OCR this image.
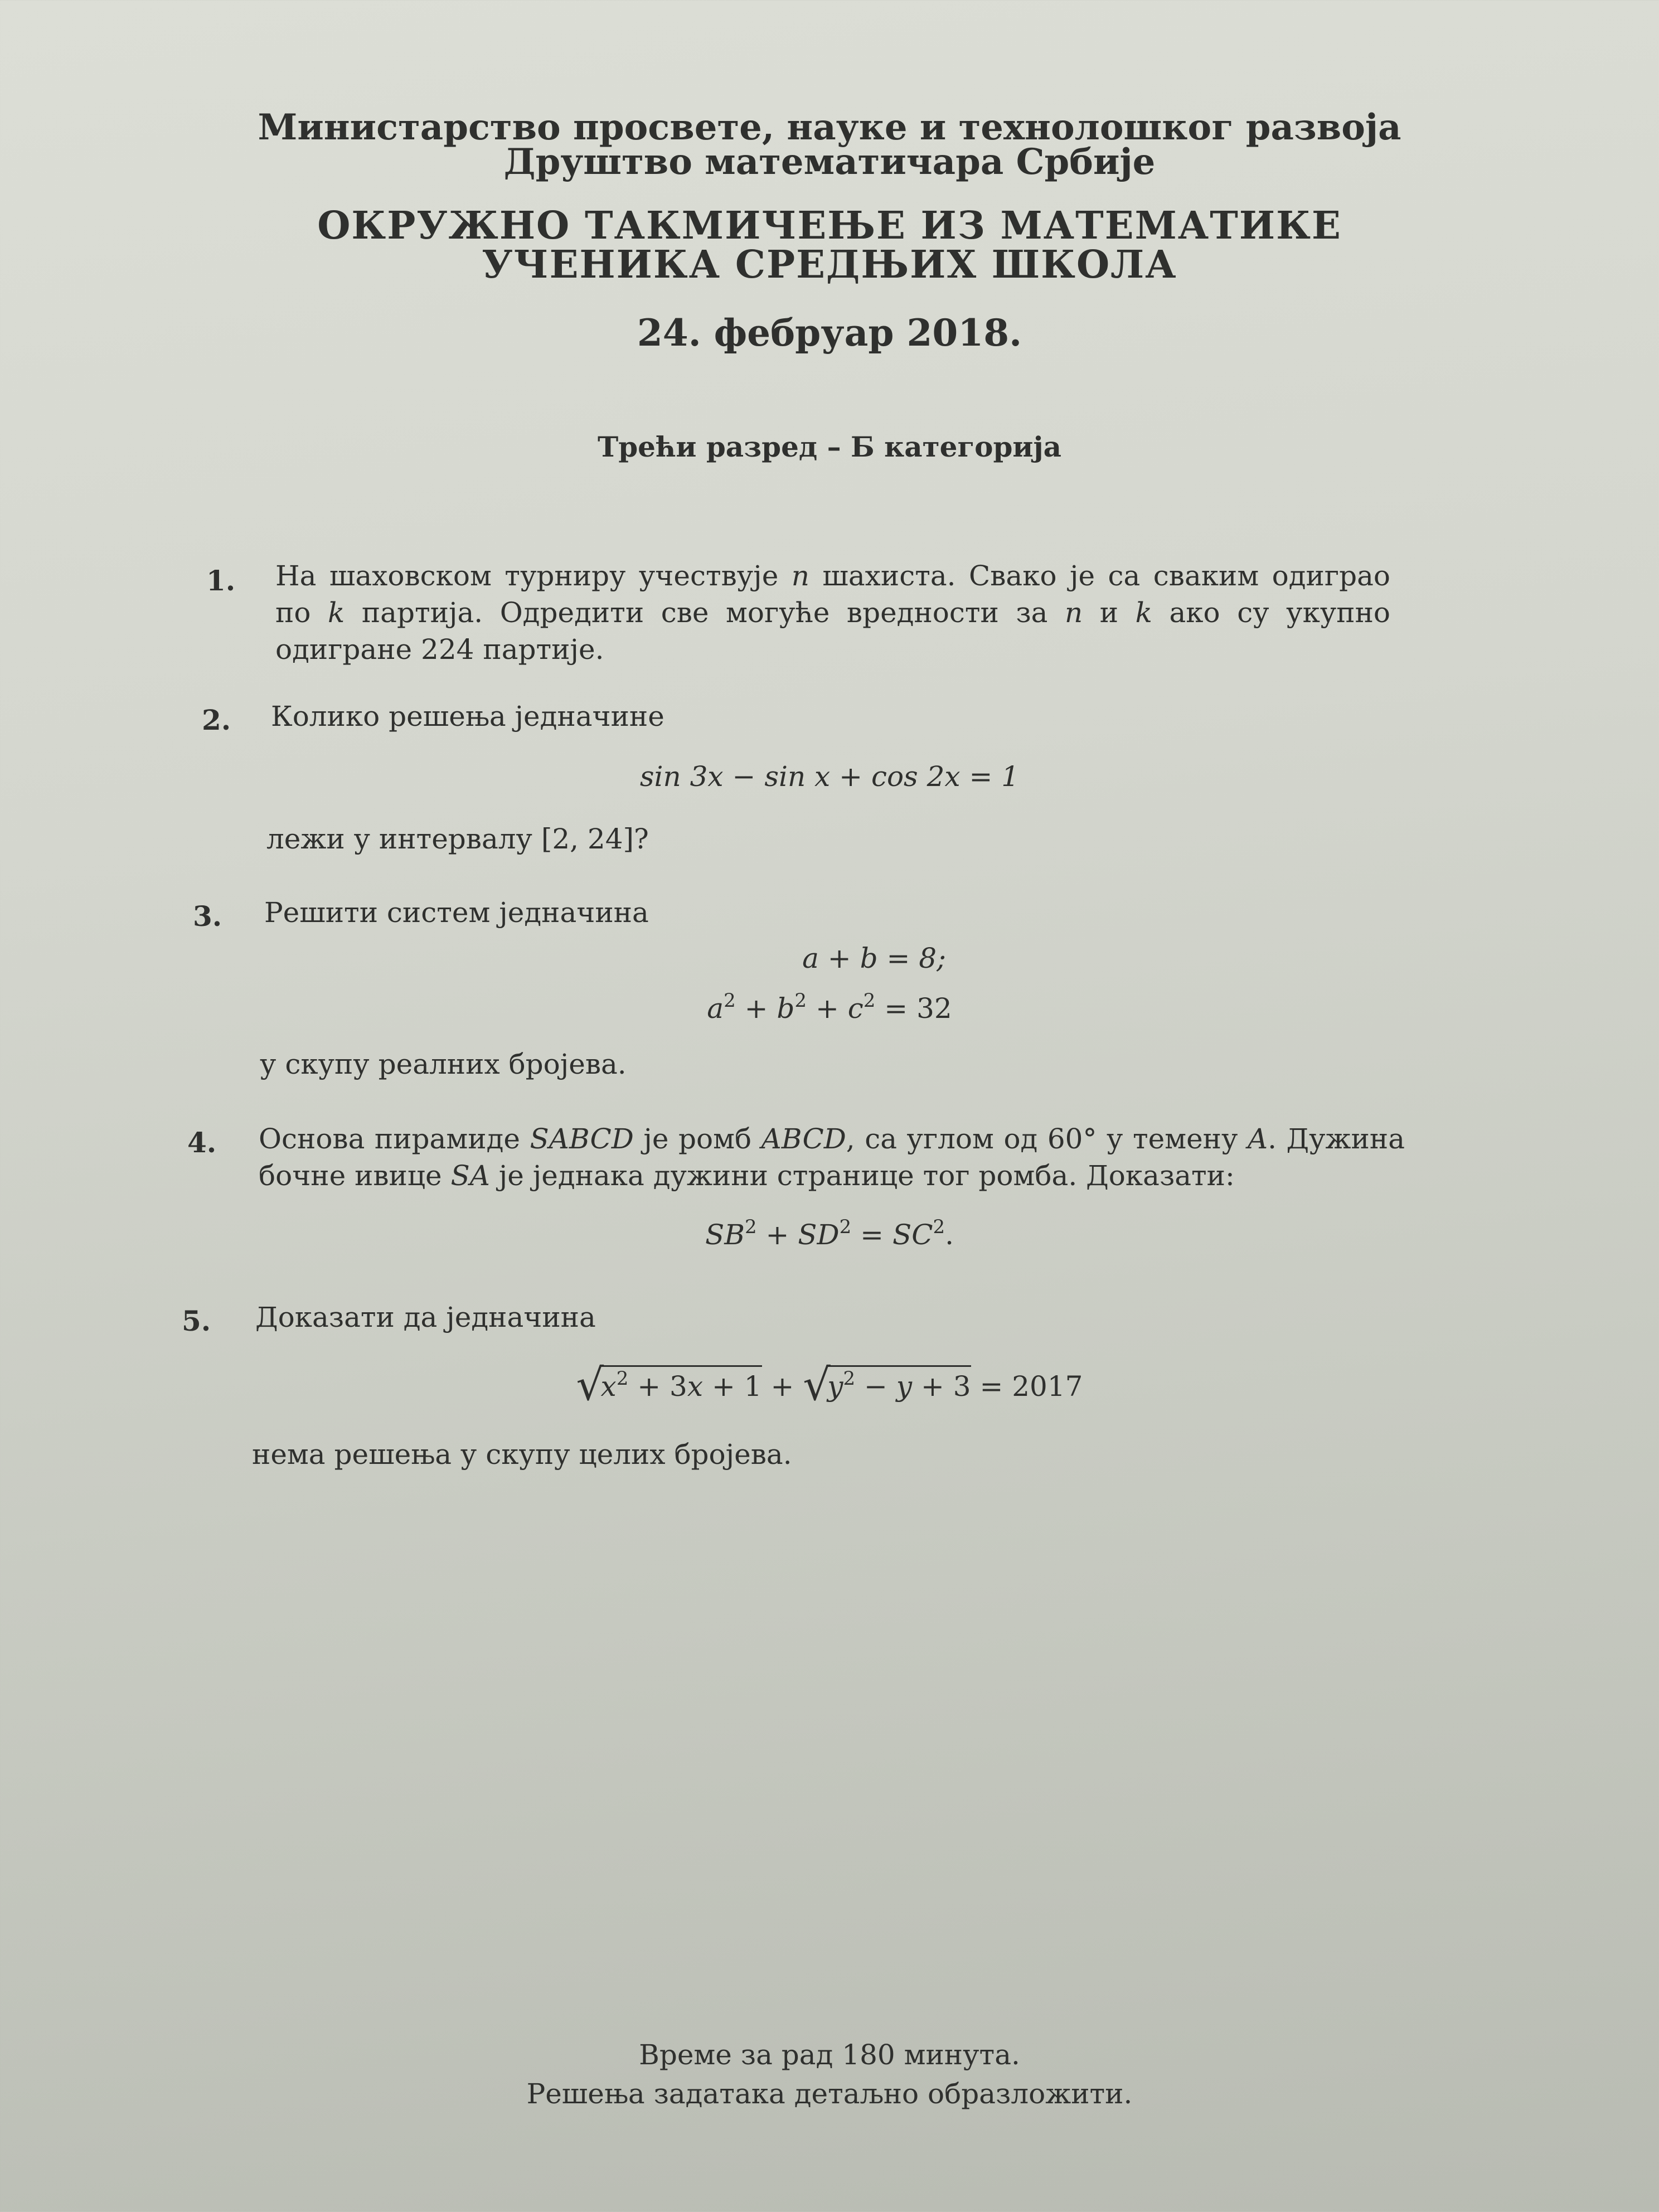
Министарство просвете, науке и технолошког развоја
Друштво математичара Србије
ОКРУЖНО ТАКМИЧЕЊЕ ИЗ МАТЕМАТИКЕ
УЧЕНИКА СРЕДЊИХ ШКОЛА
24. фебруар 2018.
Трећи разред – Б категорија
1. На шаховском турниру учествује n шахиста. Свако је са сваким одиграо по k партија. Одредити све могуће вредности за n и k ако су укупно одигране 224 партије.
2. Колико решења једначине
sin 3x − sin x + cos 2x = 1
лежи у интервалу [2, 24]?
3. Решити систем једначина
a + b = 8;
$a^2 + b^2 + c^2 = 32$
у скупу реалних бројева.
4. Основа пирамиде SABCD је ромб ABCD, са углом од 60° у темену A. Дужина бочне ивице SA је једнака дужини странице тог ромба. Доказати:
$SB^2 + SD^2 = SC^2$.
5. Доказати да једначина
√
$x^2 + 3x + 1$ + √
$y^2 - y + 3 = 2017$
нема решења у скупу целих бројева.
Време за рад 180 минута.
Решења задатака детаљно образложити.
